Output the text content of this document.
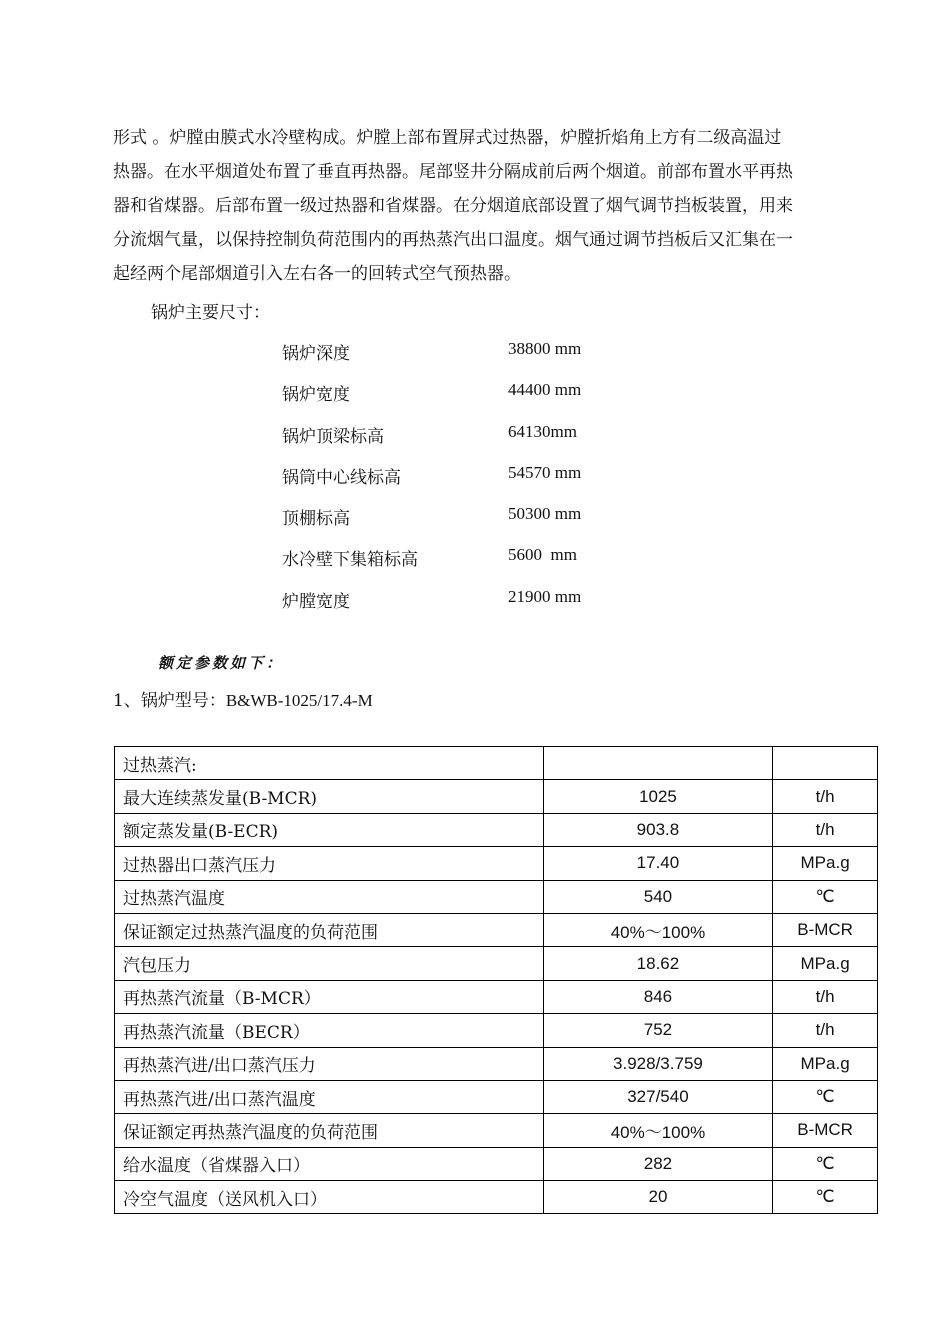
形式 。炉膛由膜式水冷壁构成。炉膛上部布置屏式过热器，炉膛折焰角上方有二级高温过
热器。在水平烟道处布置了垂直再热器。尾部竖井分隔成前后两个烟道。前部布置水平再热
器和省煤器。后部布置一级过热器和省煤器。在分烟道底部设置了烟气调节挡板装置，用来
分流烟气量，以保持控制负荷范围内的再热蒸汽出口温度。烟气通过调节挡板后又汇集在一
起经两个尾部烟道引入左右各一的回转式空气预热器。

锅炉主要尺寸：

锅炉深度	38800 mm
锅炉宽度	44400 mm
锅炉顶梁标高	64130mm
锅筒中心线标高	54570 mm
顶棚标高	50300 mm
水冷壁下集箱标高	5600  mm
炉膛宽度	21900 mm

额定参数如下：

1、锅炉型号：B&WB-1025/17.4-M

过热蒸汽:		
最大连续蒸发量(B-MCR)	1025	t/h
额定蒸发量(B-ECR)	903.8	t/h
过热器出口蒸汽压力	17.40	MPa.g
过热蒸汽温度	540	℃
保证额定过热蒸汽温度的负荷范围	40%～100%	B-MCR
汽包压力	18.62	MPa.g
再热蒸汽流量（B-MCR）	846	t/h
再热蒸汽流量（BECR）	752	t/h
再热蒸汽进/出口蒸汽压力	3.928/3.759	MPa.g
再热蒸汽进/出口蒸汽温度	327/540	℃
保证额定再热蒸汽温度的负荷范围	40%～100%	B-MCR
给水温度（省煤器入口）	282	℃
冷空气温度（送风机入口）	20	℃
